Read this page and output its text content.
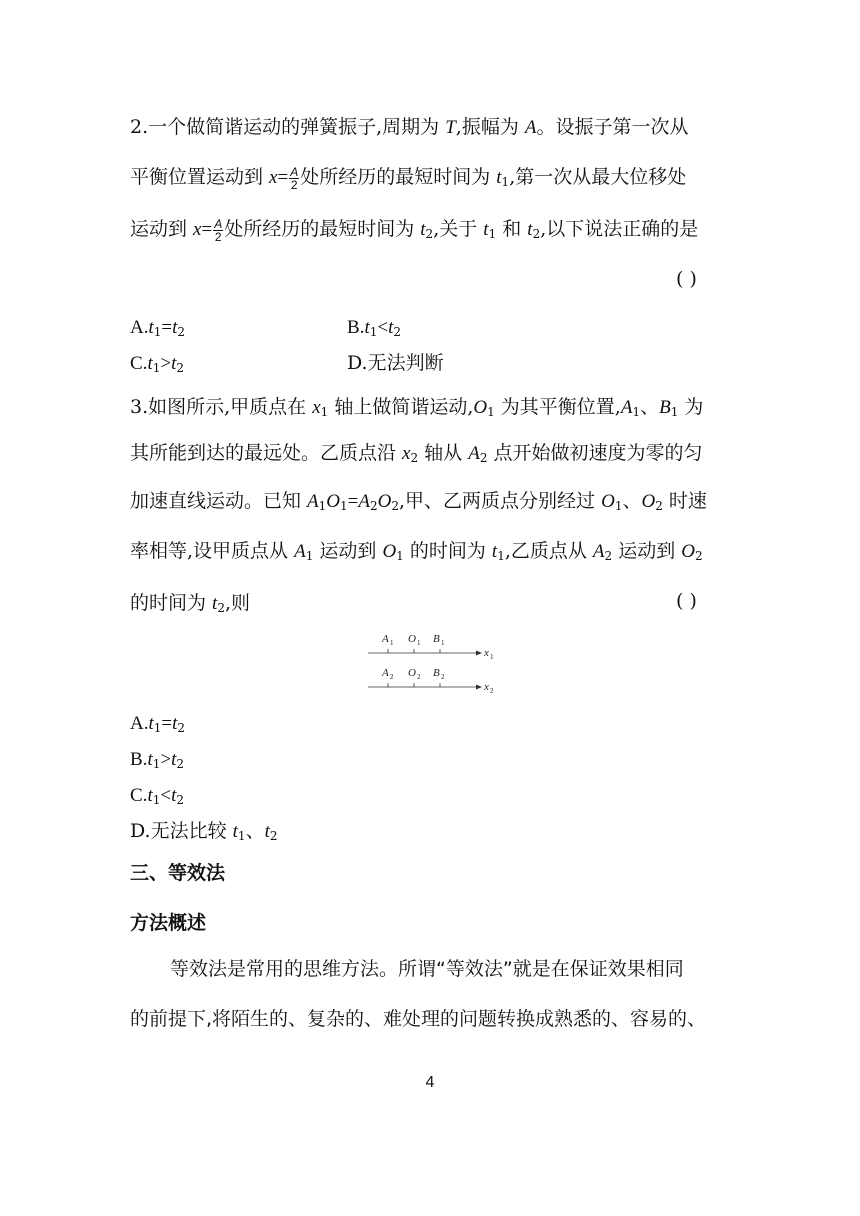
2.一个做简谐运动的弹簧振子,周期为 T,振幅为 A。设振子第一次从
平衡位置运动到 $x= \frac{A}{2}$ 处所经历的最短时间为 $t_1$,第一次从最大位移处
运动到 $x= \frac{A}{2}$ 处所经历的最短时间为 $t_2$,关于 $t_1$ 和 $t_2$,以下说法正确的是
( )
$A.t_1=t_2$	$B.t_1<t_2$
$C.t_1>t_2$	D.无法判断
3.如图所示,甲质点在 $x_1$ 轴上做简谐运动$,O_1$ 为其平衡位置$,A_1$、$B_1$ 为
其所能到达的最远处。乙质点沿 $x_2$ 轴从 $A_2$ 点开始做初速度为零的匀
加速直线运动。已知 $A_1O_1=A_2O_2$,甲、乙两质点分别经过 $O_1$、$O_2$ 时速
率相等,设甲质点从 $A_1$ 运动到 $O_1$ 的时间为 $t_1$,乙质点从 $A_2$ 运动到 $O_2$
的时间为 $t_2$,则	( )
A 1 O 1 B 1
x 1
A 2 O 2 B 2
x 2
$A.t_1=t_2$
$B.t_1>t_2$
$C.t_1<t_2$
D.无法比较 $t_1$、$t_2$
三、等效法
方法概述
等效法是常用的思维方法。所谓“等效法”就是在保证效果相同
的前提下,将陌生的、复杂的、难处理的问题转换成熟悉的、容易的、
4
